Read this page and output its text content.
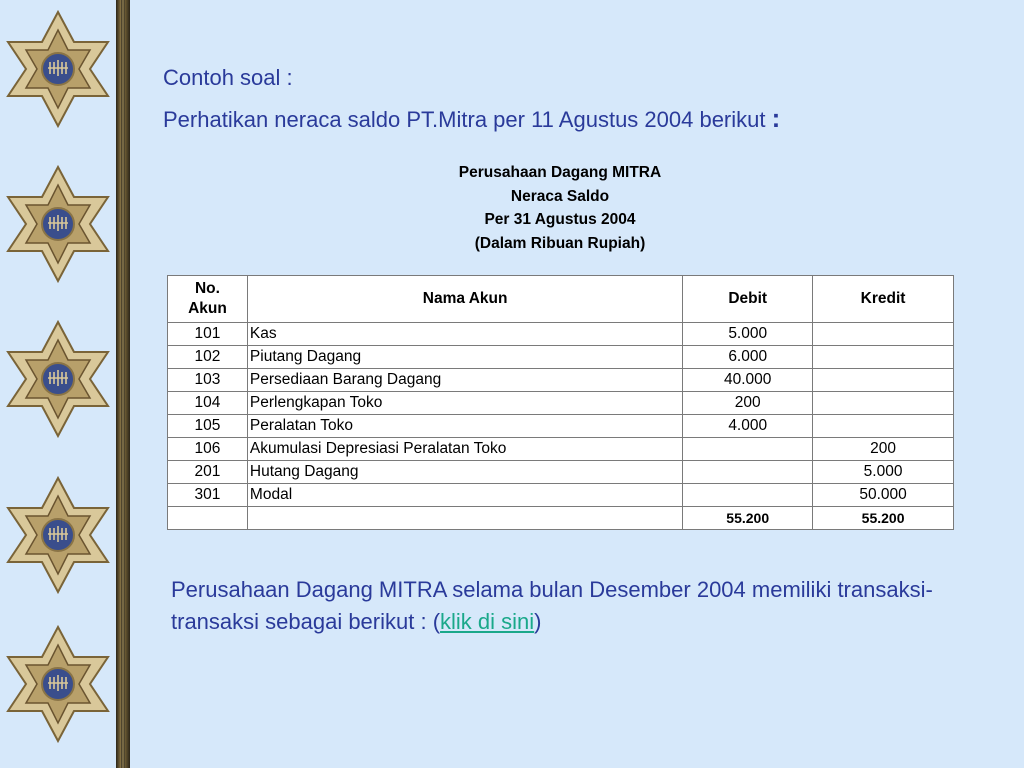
Contoh soal :
Perhatikan neraca saldo PT.Mitra per 11 Agustus 2004 berikut :
Perusahaan Dagang MITRA
Neraca Saldo
Per 31 Agustus 2004
(Dalam Ribuan Rupiah)
No.
Akun	Nama Akun	Debit	Kredit
101	Kas	5.000	
102	Piutang Dagang	6.000	
103	Persediaan Barang Dagang	40.000	
104	Perlengkapan Toko	200	
105	Peralatan Toko	4.000	
106	Akumulasi Depresiasi Peralatan Toko		200
201	Hutang Dagang		5.000
301	Modal		50.000
		55.200	55.200
Perusahaan Dagang MITRA selama bulan Desember 2004 memiliki transaksi-transaksi sebagai berikut : (klik di sini)
